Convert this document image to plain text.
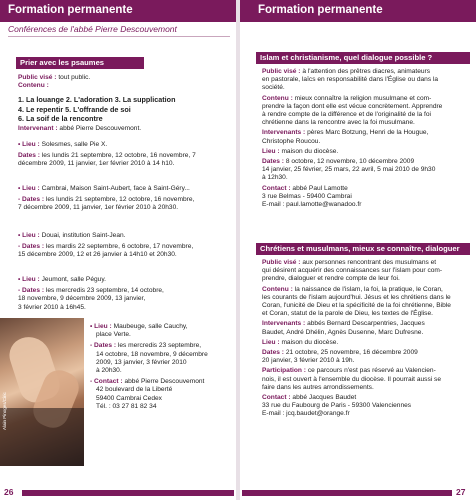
Formation permanente
Conférences de l'abbé Pierre Descouvemont
Prier avec les psaumes
Public visé : tout public.
Contenu :
1. La louange 2. L'adoration 3. La supplication
4. Le repentir 5. L'offrande de soi
6. La soif de la rencontre
Intervenant : abbé Pierre Descouvemont.
• Lieu : Solesmes, salle Pie X.
Dates : les lundis 21 septembre, 12 octobre, 16 novembre, 7
décembre 2009, 11 janvier, 1er février 2010 à 14 h10.
• Lieu : Cambrai, Maison Saint-Aubert, face à Saint-Géry...
- Dates : les lundis 21 septembre, 12 octobre, 16 novembre,
7 décembre 2009, 11 janvier, 1er février 2010 à 20h30.
• Lieu : Douai, institution Saint-Jean.
- Dates : les mardis 22 septembre, 6 octobre, 17 novembre,
15 décembre 2009, 12 et 26 janvier à 14h10 et 20h30.
• Lieu : Jeumont, salle Péguy.
- Dates : les mercredis 23 septembre, 14 octobre,
18 novembre, 9 décembre 2009, 13 janvier,
3 février 2010 à 16h45.
Alain Pinoges/Ciric
• Lieu : Maubeuge, salle Cauchy,
place Verte.
- Dates : les mercredis 23 septembre,
14 octobre, 18 novembre, 9 décembre
2009, 13 janvier, 3 février 2010
à 20h30.
- Contact : abbé Pierre Descouvemont
42 boulevard de la Liberté
59400 Cambrai Cedex
Tél. : 03 27 81 82 34
26
Formation permanente
Islam et christianisme, quel dialogue possible ?
Public visé : à l'attention des prêtres diacres, animateurs
en pastorale, laïcs en responsabilité dans l'Église ou dans la
société.
Contenu : mieux connaître la religion musulmane et com-
prendre la façon dont elle est vécue concrètement. Apprendre
à rendre compte de la différence et de l'originalité de la foi
chrétienne dans la rencontre avec la foi musulmane.
Intervenants : pères Marc Botzung, Henri de la Hougue,
Christophe Roucou.
Lieu : maison du diocèse.
Dates : 8 octobre, 12 novembre, 10 décembre 2009
14 janvier, 25 février, 25 mars, 22 avril, 5 mai 2010 de 9h30
à 12h30.
Contact : abbé Paul Lamotte
3 rue Belmas - 59400 Cambrai
E-mail : paul.lamotte@wanadoo.fr
Chrétiens et musulmans, mieux se connaître, dialoguer
Public visé : aux personnes rencontrant des musulmans et
qui désirent acquérir des connaissances sur l'islam pour com-
prendre, dialoguer et rendre compte de leur foi.
Contenu : la naissance de l'islam, la foi, la pratique, le Coran,
les courants de l'islam aujourd'hui. Jésus et les chrétiens dans le
Coran, l'unicité de Dieu et la spécificité de la foi chrétienne, Bible
et Coran, statut de la parole de Dieu, les textes de l'Église.
Intervenants : abbés Bernard Descarpentries, Jacques
Baudet, André Dhélin, Agnès Dusenne, Marc Dufresne.
Lieu : maison du diocèse.
Dates : 21 octobre, 25 novembre, 16 décembre 2009
20 janvier, 3 février 2010 à 19h.
Participation : ce parcours n'est pas réservé au Valencien-
nois, il est ouvert à l'ensemble du diocèse. Il pourrait aussi se
faire dans les autres arrondissements.
Contact : abbé Jacques Baudet
33 rue du Faubourg de Paris - 59300 Valenciennes
E-mail : jcq.baudet@orange.fr
27
